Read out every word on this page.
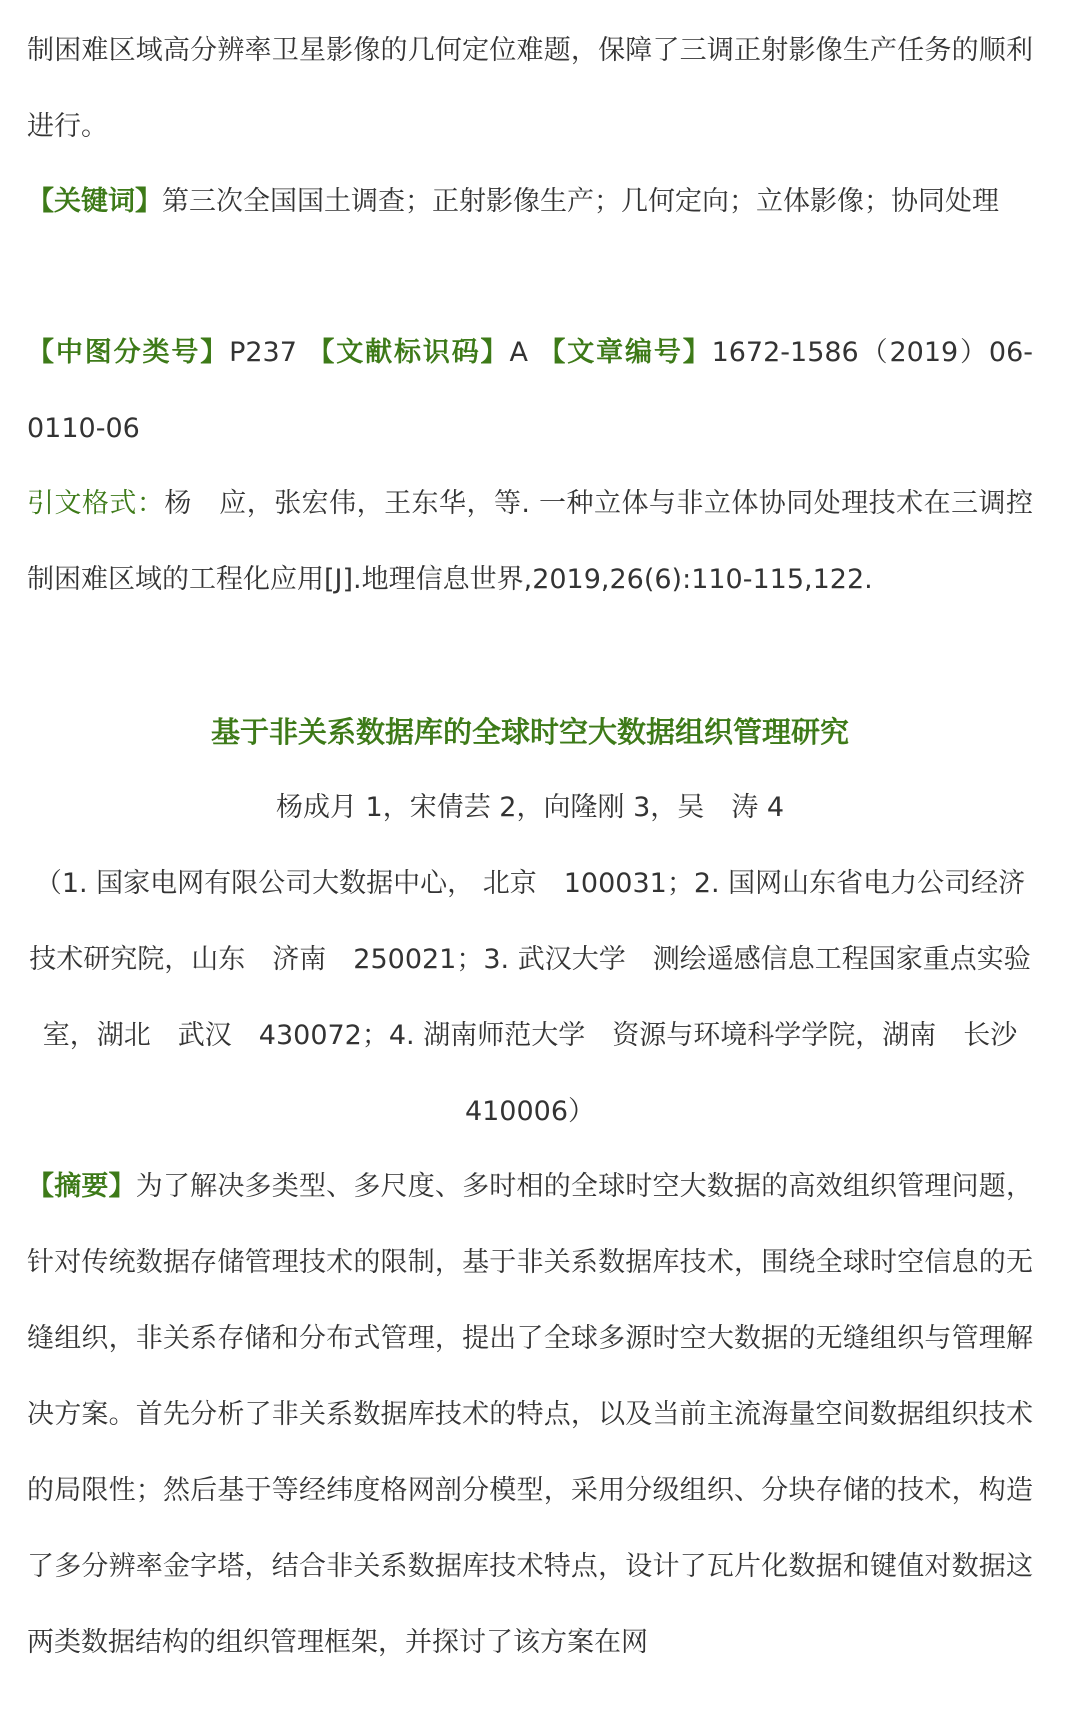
制困难区域高分辨率卫星影像的几何定位难题，保障了三调正射影像生产任务的顺利进行。

【关键词】第三次全国国土调查；正射影像生产；几何定向；立体影像；协同处理

【中图分类号】P237 【文献标识码】A 【文章编号】1672-1586（2019）06-0110-06

引文格式：杨　应，张宏伟，王东华，等. 一种立体与非立体协同处理技术在三调控制困难区域的工程化应用[J].地理信息世界,2019,26(6):110-115,122.

基于非关系数据库的全球时空大数据组织管理研究

杨成月 1，宋倩芸 2，向隆刚 3，吴　涛 4

（1. 国家电网有限公司大数据中心， 北京　100031；2. 国网山东省电力公司经济技术研究院，山东　济南　250021；3. 武汉大学　测绘遥感信息工程国家重点实验室，湖北　武汉　430072；4. 湖南师范大学　资源与环境科学学院，湖南　长沙　410006）

【摘要】为了解决多类型、多尺度、多时相的全球时空大数据的高效组织管理问题，针对传统数据存储管理技术的限制，基于非关系数据库技术，围绕全球时空信息的无缝组织，非关系存储和分布式管理，提出了全球多源时空大数据的无缝组织与管理解决方案。首先分析了非关系数据库技术的特点，以及当前主流海量空间数据组织技术的局限性；然后基于等经纬度格网剖分模型，采用分级组织、分块存储的技术，构造了多分辨率金字塔，结合非关系数据库技术特点，设计了瓦片化数据和键值对数据这两类数据结构的组织管理框架，并探讨了该方案在网
